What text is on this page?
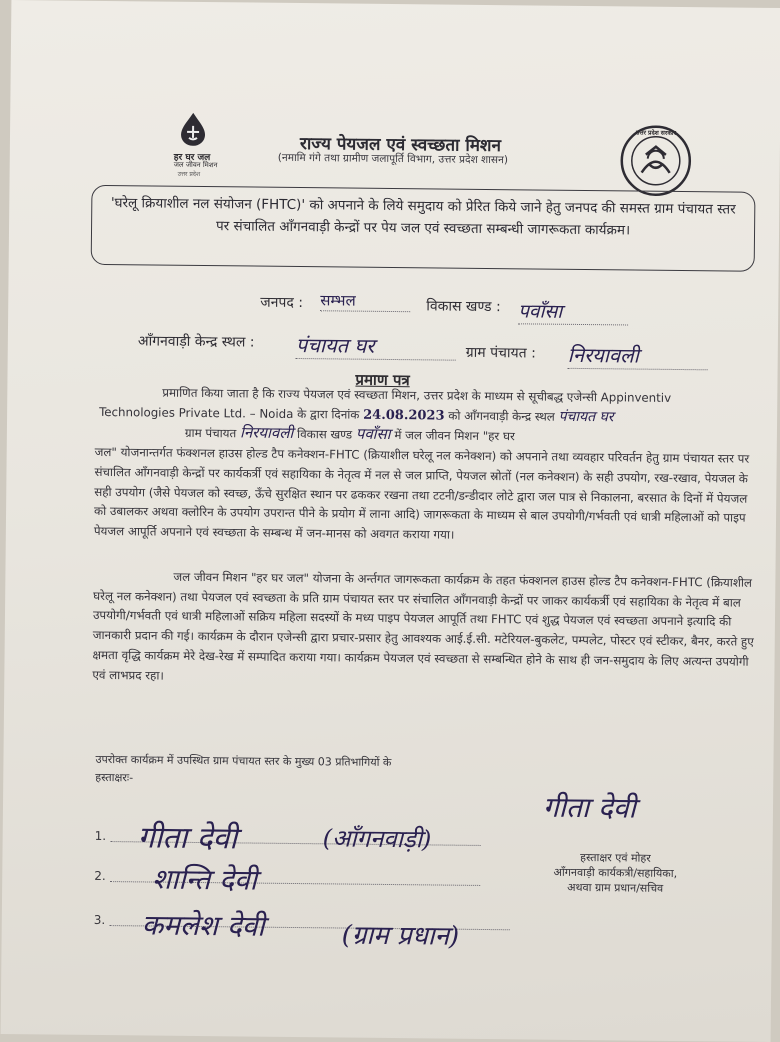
हर घर जल
जल जीवन मिशन
उत्तर प्रदेश
राज्य पेयजल एवं स्वच्छता मिशन
(नमामि गंगे तथा ग्रामीण जलापूर्ति विभाग, उत्तर प्रदेश शासन)
उत्तर प्रदेश सरकार
'घरेलू क्रियाशील नल संयोजन (FHTC)' को अपनाने के लिये समुदाय को प्रेरित किये जाने हेतु जनपद की समस्त ग्राम पंचायत स्तर पर संचालित आँगनवाड़ी केन्द्रों पर पेय जल एवं स्वच्छता सम्बन्धी जागरूकता कार्यक्रम।
जनपद : सम्भल	विकास खण्ड : पवाँसा
आँगनवाड़ी केन्द्र स्थल : पंचायत घर	ग्राम पंचायत : निरयावली
प्रमाण पत्र
प्रमाणित किया जाता है कि राज्य पेयजल एवं स्वच्छता मिशन, उत्तर प्रदेश के माध्यम से सूचीबद्ध एजेन्सी Appinventiv
Technologies Private Ltd. – Noida के द्वारा दिनांक 24.08.2023 को आँगनवाड़ी केन्द्र स्थल पंचायत घर
ग्राम पंचायत निरयावली विकास खण्ड पवाँसा में जल जीवन मिशन "हर घर
जल" योजनान्तर्गत फंक्शनल हाउस होल्ड टैप कनेक्शन-FHTC (क्रियाशील घरेलू नल कनेक्शन) को अपनाने तथा व्यवहार परिवर्तन हेतु ग्राम पंचायत स्तर पर संचालित आँगनवाड़ी केन्द्रों पर कार्यकर्त्री एवं सहायिका के नेतृत्व में नल से जल प्राप्ति, पेयजल स्रोतों (नल कनेक्शन) के सही उपयोग, रख-रखाव, पेयजल के सही उपयोग (जैसे पेयजल को स्वच्छ, ऊँचे सुरक्षित स्थान पर ढककर रखना तथा टटनी/डन्डीदार लोटे द्वारा जल पात्र से निकालना, बरसात के दिनों में पेयजल को उबालकर अथवा क्लोरिन के उपयोग उपरान्त पीने के प्रयोग में लाना आदि) जागरूकता के माध्यम से बाल उपयोगी/गर्भवती एवं धात्री महिलाओं को पाइप पेयजल आपूर्ति अपनाने एवं स्वच्छता के सम्बन्ध में जन-मानस को अवगत कराया गया।
जल जीवन मिशन "हर घर जल" योजना के अर्न्तगत जागरूकता कार्यक्रम के तहत फंक्शनल हाउस होल्ड टैप कनेक्शन-FHTC (क्रियाशील घरेलू नल कनेक्शन) तथा पेयजल एवं स्वच्छता के प्रति ग्राम पंचायत स्तर पर संचालित आँगनवाड़ी केन्द्रों पर जाकर कार्यकर्त्री एवं सहायिका के नेतृत्व में बाल उपयोगी/गर्भवती एवं धात्री महिलाओं सक्रिय महिला सदस्यों के मध्य पाइप पेयजल आपूर्ति तथा FHTC एवं शुद्ध पेयजल एवं स्वच्छता अपनाने इत्यादि की जानकारी प्रदान की गई। कार्यक्रम के दौरान एजेन्सी द्वारा प्रचार-प्रसार हेतु आवश्यक आई.ई.सी. मटेरियल-बुकलेट, पम्पलेट, पोस्टर एवं स्टीकर, बैनर, करते हुए क्षमता वृद्धि कार्यक्रम मेरे देख-रेख में सम्पादित कराया गया। कार्यक्रम पेयजल एवं स्वच्छता से सम्बन्धित होने के साथ ही जन-समुदाय के लिए अत्यन्त उपयोगी एवं लाभप्रद रहा।
उपरोक्त कार्यक्रम में उपस्थित ग्राम पंचायत स्तर के मुख्य 03 प्रतिभागियों के
हस्ताक्षरः-
गीता देवी
हस्ताक्षर एवं मोहर
आँगनवाड़ी कार्यकत्री/सहायिका,
अथवा ग्राम प्रधान/सचिव
1. गीता देवी	(आँगनवाड़ी)
2. शान्ति देवी
3. कमलेश देवी	(ग्राम प्रधान)
